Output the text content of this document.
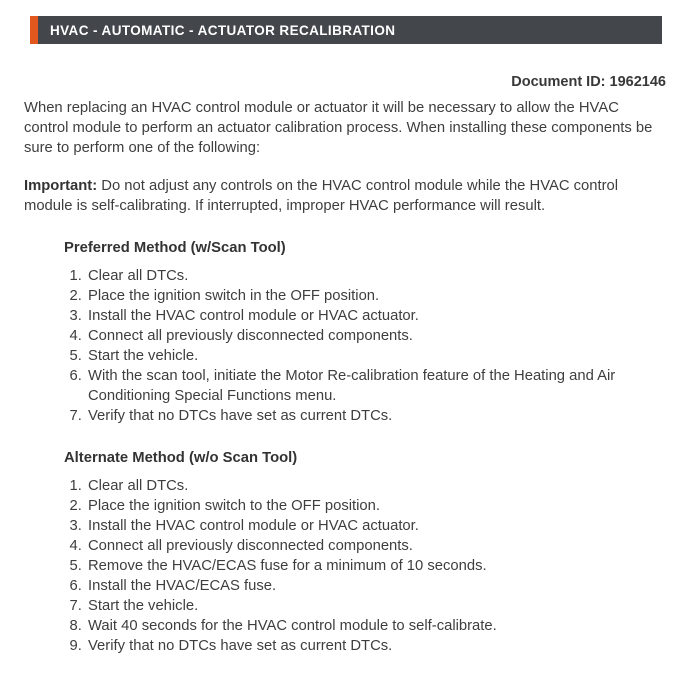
HVAC - AUTOMATIC - ACTUATOR RECALIBRATION
Document ID: 1962146

When replacing an HVAC control module or actuator it will be necessary to allow the HVAC control module to perform an actuator calibration process. When installing these components be sure to perform one of the following:

Important: Do not adjust any controls on the HVAC control module while the HVAC control module is self-calibrating. If interrupted, improper HVAC performance will result.

Preferred Method (w/Scan Tool)
1. Clear all DTCs.
2. Place the ignition switch in the OFF position.
3. Install the HVAC control module or HVAC actuator.
4. Connect all previously disconnected components.
5. Start the vehicle.
6. With the scan tool, initiate the Motor Re-calibration feature of the Heating and Air Conditioning Special Functions menu.
7. Verify that no DTCs have set as current DTCs.
Alternate Method (w/o Scan Tool)
1. Clear all DTCs.
2. Place the ignition switch to the OFF position.
3. Install the HVAC control module or HVAC actuator.
4. Connect all previously disconnected components.
5. Remove the HVAC/ECAS fuse for a minimum of 10 seconds.
6. Install the HVAC/ECAS fuse.
7. Start the vehicle.
8. Wait 40 seconds for the HVAC control module to self-calibrate.
9. Verify that no DTCs have set as current DTCs.
